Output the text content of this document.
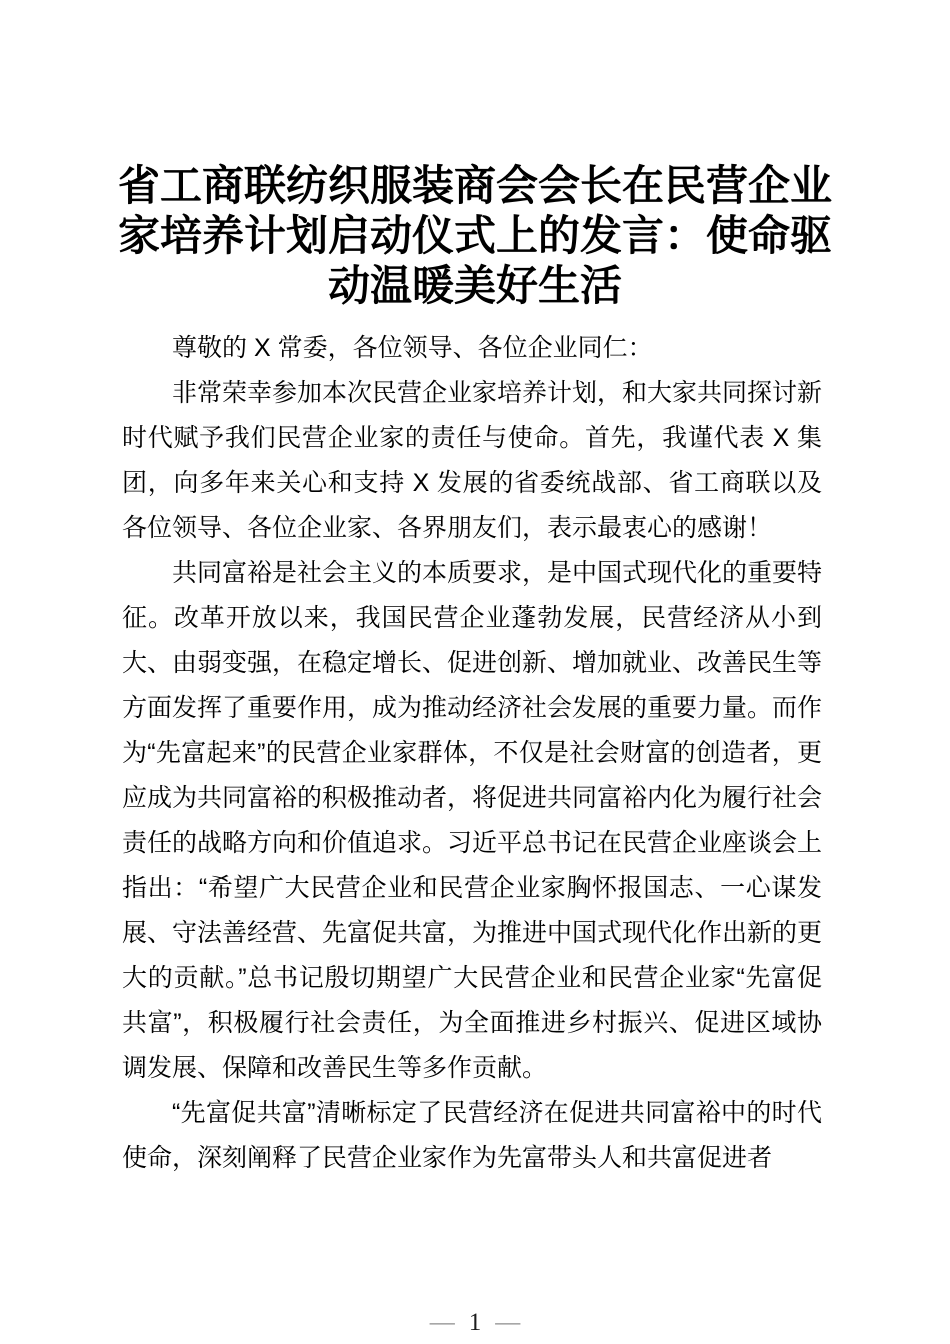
省工商联纺织服装商会会长在民营企业家培养计划启动仪式上的发言：使命驱动温暖美好生活

尊敬的 X 常委，各位领导、各位企业同仁：

非常荣幸参加本次民营企业家培养计划，和大家共同探讨新时代赋予我们民营企业家的责任与使命。首先，我谨代表 X 集团，向多年来关心和支持 X 发展的省委统战部、省工商联以及各位领导、各位企业家、各界朋友们，表示最衷心的感谢！

共同富裕是社会主义的本质要求，是中国式现代化的重要特征。改革开放以来，我国民营企业蓬勃发展，民营经济从小到大、由弱变强，在稳定增长、促进创新、增加就业、改善民生等方面发挥了重要作用，成为推动经济社会发展的重要力量。而作为“先富起来”的民营企业家群体，不仅是社会财富的创造者，更应成为共同富裕的积极推动者，将促进共同富裕内化为履行社会责任的战略方向和价值追求。习近平总书记在民营企业座谈会上指出：“希望广大民营企业和民营企业家胸怀报国志、一心谋发展、守法善经营、先富促共富，为推进中国式现代化作出新的更大的贡献。”总书记殷切期望广大民营企业和民营企业家“先富促共富”，积极履行社会责任，为全面推进乡村振兴、促进区域协调发展、保障和改善民生等多作贡献。

“先富促共富”清晰标定了民营经济在促进共同富裕中的时代使命，深刻阐释了民营企业家作为先富带头人和共富促进者

— 1 —
